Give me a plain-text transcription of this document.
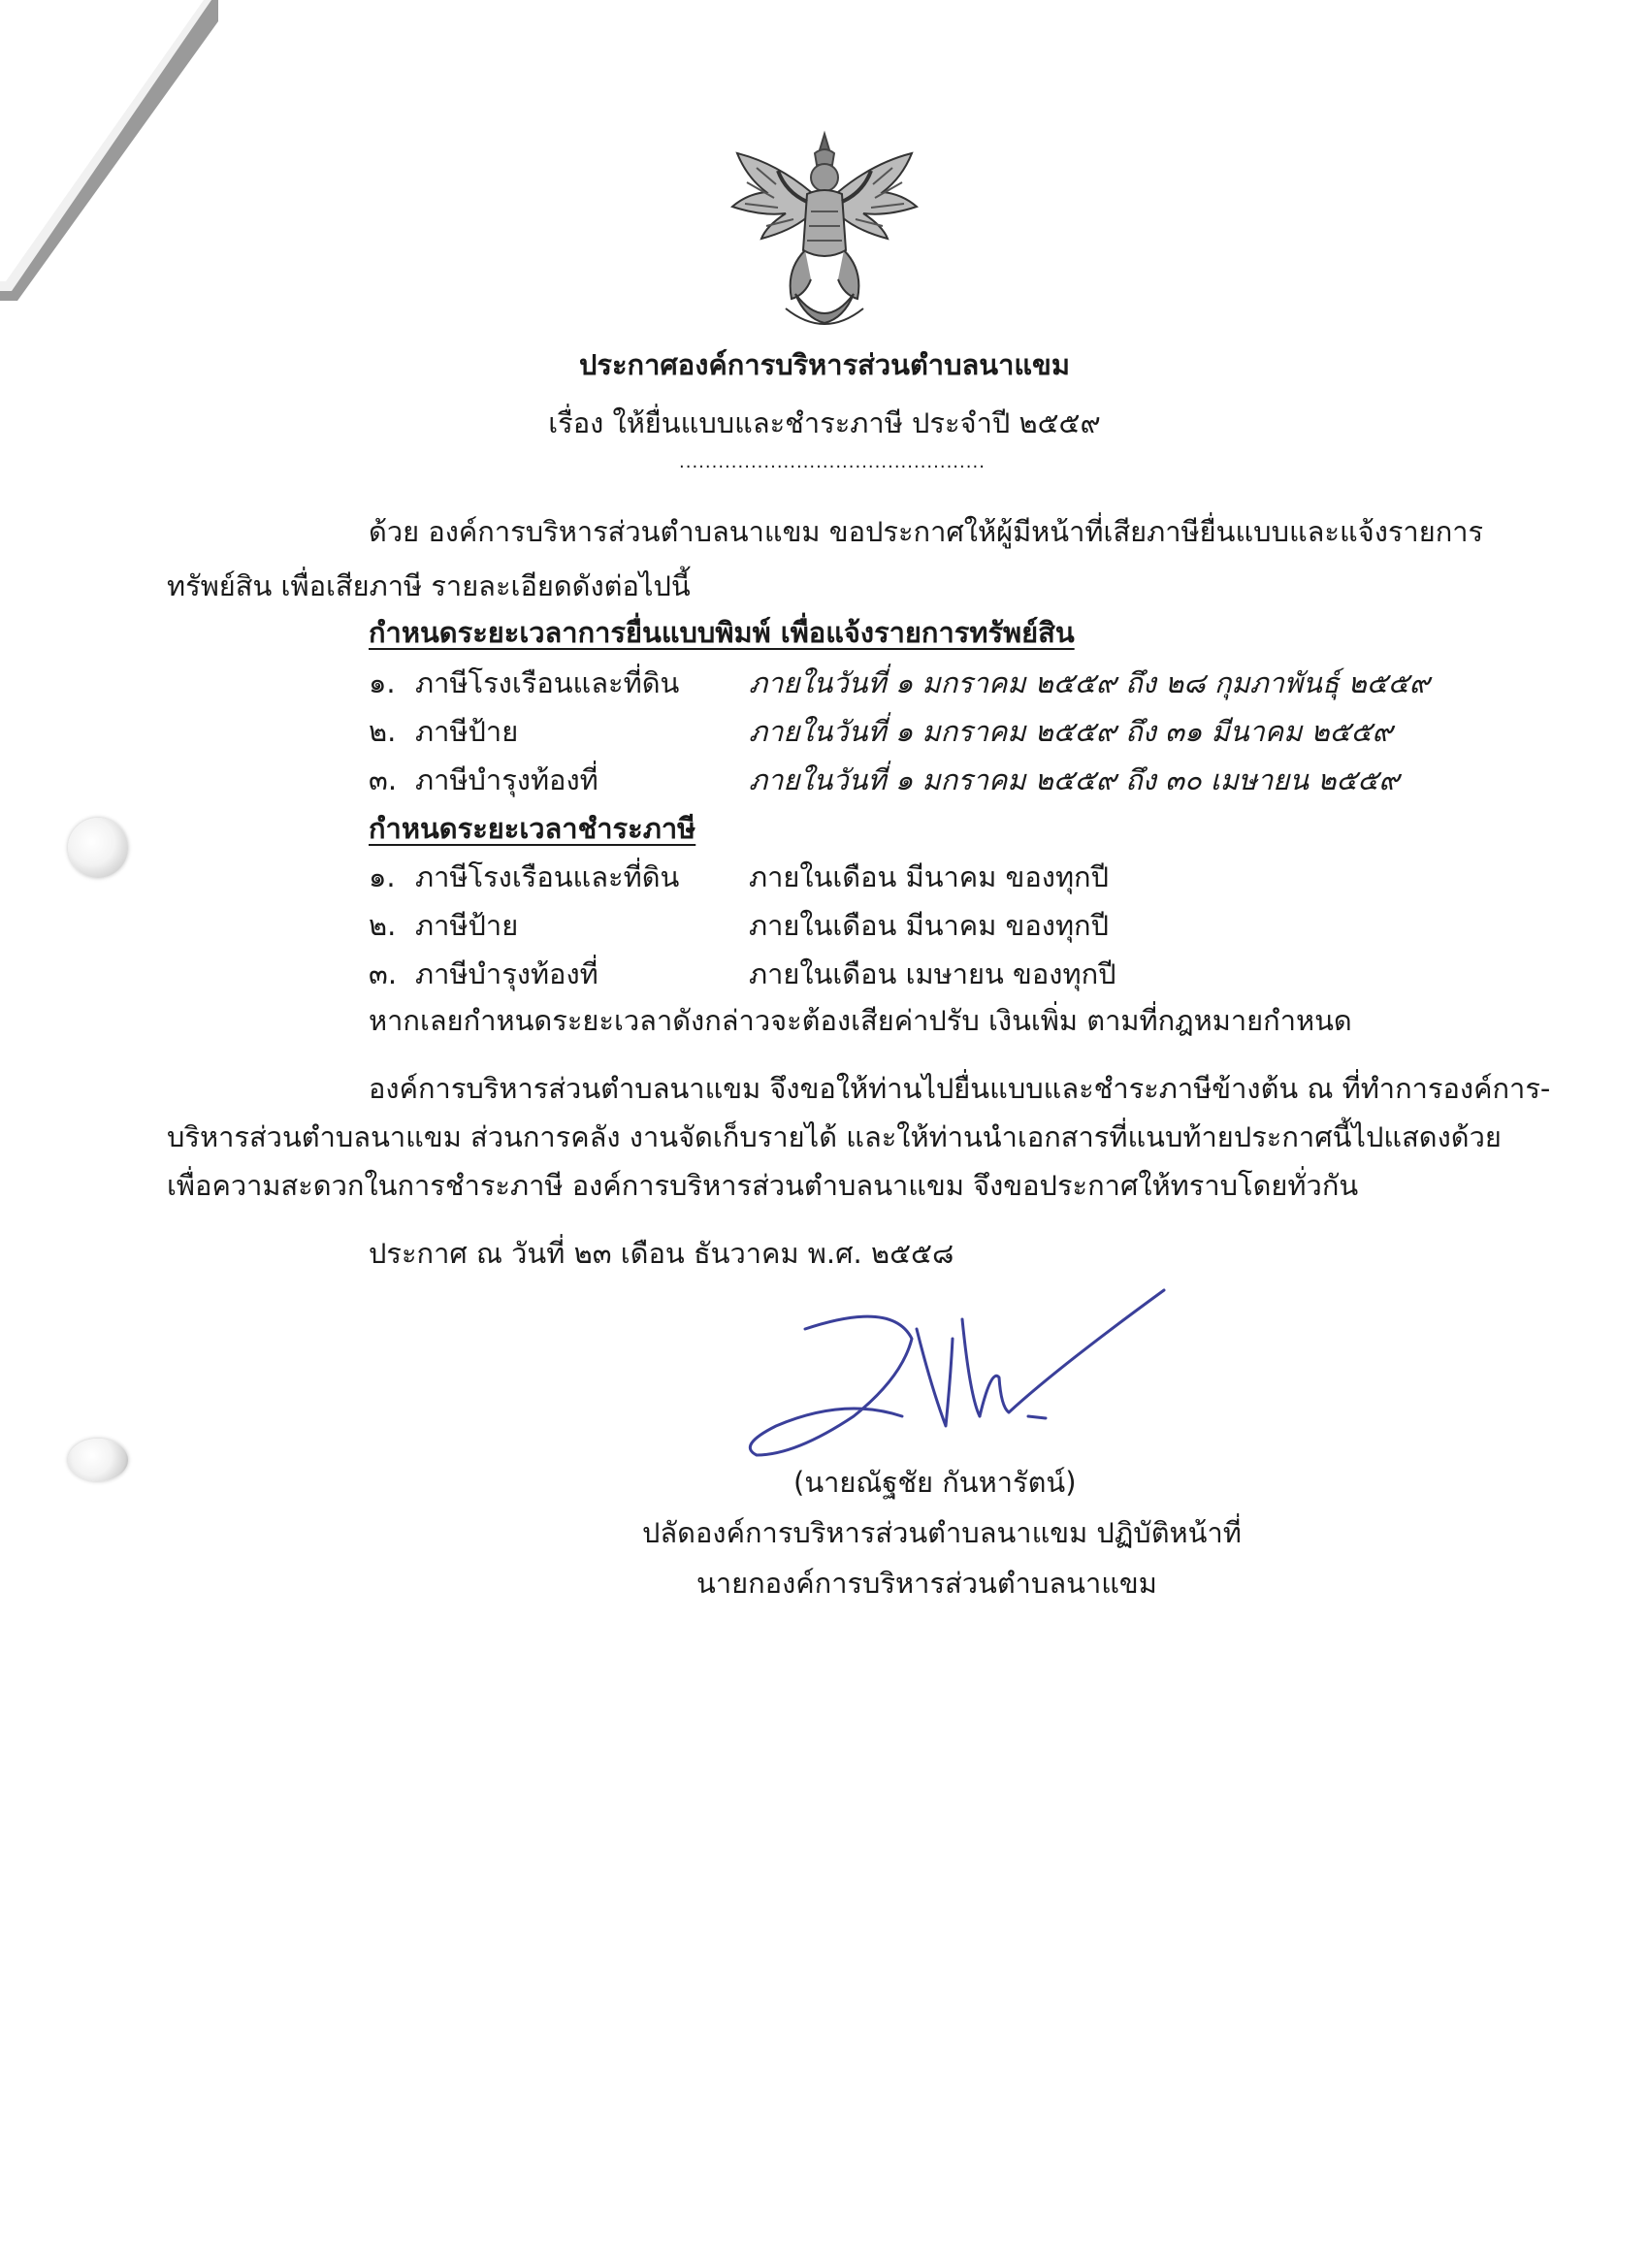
ประกาศองค์การบริหารส่วนตำบลนาแขม
เรื่อง ให้ยื่นแบบและชำระภาษี ประจำปี ๒๕๕๙
...............................................
ด้วย องค์การบริหารส่วนตำบลนาแขม ขอประกาศให้ผู้มีหน้าที่เสียภาษียื่นแบบและแจ้งรายการ
ทรัพย์สิน เพื่อเสียภาษี รายละเอียดดังต่อไปนี้
กำหนดระยะเวลาการยื่นแบบพิมพ์ เพื่อแจ้งรายการทรัพย์สิน
๑. ภาษีโรงเรือนและที่ดิน ภายในวันที่ ๑ มกราคม ๒๕๕๙ ถึง ๒๘ กุมภาพันธุ์ ๒๕๕๙
๒. ภาษีป้าย	ภายในวันที่ ๑ มกราคม ๒๕๕๙ ถึง ๓๑ มีนาคม ๒๕๕๙
๓. ภาษีบำรุงท้องที่	ภายในวันที่ ๑ มกราคม ๒๕๕๙ ถึง ๓๐ เมษายน ๒๕๕๙
กำหนดระยะเวลาชำระภาษี
๑. ภาษีโรงเรือนและที่ดิน ภายในเดือน มีนาคม ของทุกปี
๒. ภาษีป้าย	ภายในเดือน มีนาคม ของทุกปี
๓. ภาษีบำรุงท้องที่	ภายในเดือน เมษายน ของทุกปี
หากเลยกำหนดระยะเวลาดังกล่าวจะต้องเสียค่าปรับ เงินเพิ่ม ตามที่กฎหมายกำหนด
องค์การบริหารส่วนตำบลนาแขม จึงขอให้ท่านไปยื่นแบบและชำระภาษีข้างต้น ณ ที่ทำการองค์การ-
บริหารส่วนตำบลนาแขม ส่วนการคลัง งานจัดเก็บรายได้ และให้ท่านนำเอกสารที่แนบท้ายประกาศนี้ไปแสดงด้วย
เพื่อความสะดวกในการชำระภาษี องค์การบริหารส่วนตำบลนาแขม จึงขอประกาศให้ทราบโดยทั่วกัน
ประกาศ ณ วันที่ ๒๓ เดือน ธันวาคม พ.ศ. ๒๕๕๘
(นายณัฐชัย กันหารัตน์)
ปลัดองค์การบริหารส่วนตำบลนาแขม ปฏิบัติหน้าที่
นายกองค์การบริหารส่วนตำบลนาแขม
